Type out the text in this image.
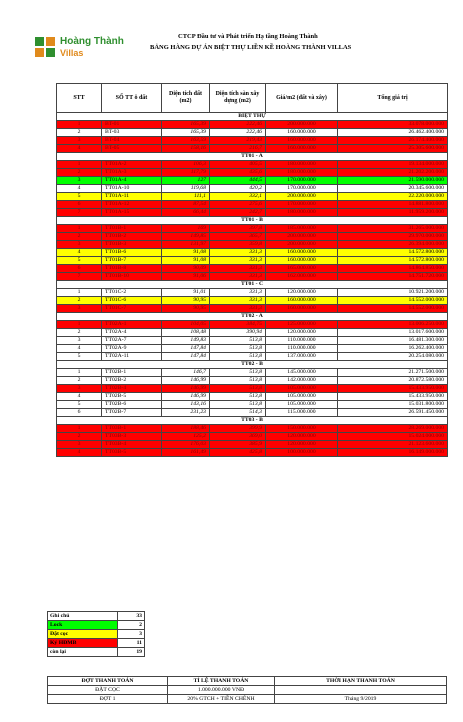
Hoàng Thành
Villas
CTCP Đầu tư và Phát triển Hạ tầng Hoàng Thành
BẢNG HÀNG DỰ ÁN BIỆT THỰ LIỀN KỀ HOÀNG THÀNH VILLAS
STT	SỐ TT ô đất	Diện tích đất (m2)	Diện tích sàn xây dựng (m2)	Giá/m2 (đất và xây)	Tổng giá trị
BIỆT THỰ					
1	BT-01	165,39	222,46	200.000.000	33.078.000.000
2	BT-03	165,39	222,46	160.000.000	26.462.400.000
3	BT-04	163,59	219,43	160.000.000	26.174.400.000
4	BT-05	158,16	216,7	160.000.000	25.305.600.000
TT01 - A					
1	TT01A-2	106,3	405,5	180.000.000	19.134.000.000
2	TT01A-3	117,79	435,6	180.000.000	21.202.200.000
3	TT01A-4	127	444,5	170.000.000	21.590.000.000
4	TT01A-10	119,68	420,2	170.000.000	20.345.600.000
5	TT01A-11	111,1	332,1	200.000.000	22.220.000.000
6	TT01A-12	87,54	275,6	170.000.000	14.881.800.000
7	TT01A-15	66,44	242,7	180.000.000	11.959.200.000
TT01 - B					
1	TT01B-1	169	397,8	185.000.000	31.265.000.000
2	TT01B-2	149,85	365,7	200.000.000	29.970.000.000
3	TT01B-3	131,97	359,8	200.000.000	26.394.000.000
4	TT01B-6	91,08	331,3	160.000.000	14.572.800.000
5	TT01B-7	91,08	331,3	160.000.000	14.572.800.000
6	TT01B-8	90,09	331,3	165.000.000	14.864.850.000
7	TT01B-10	91,06	331,3	162.000.000	14.751.720.000
TT01 - C					
1	TT01C-2	91,01	331,3	120.000.000	10.921.200.000
2	TT01C-6	90,95	331,3	160.000.000	14.552.000.000
3	TT01C-7	90,95	331,3	160.000.000	14.552.000.000
TT02 - A					
1	TT02A-1	104,05	384,75	125.000.000	13.006.250.000
2	TT02A-4	108,48	390,94	120.000.000	13.017.600.000
3	TT02A-7	149,83	513,8	110.000.000	16.481.300.000
4	TT02A-9	147,84	513,8	110.000.000	16.262.400.000
5	TT02A-11	147,84	513,8	137.000.000	20.254.080.000
TT02 - B					
1	TT02B-1	146,7	513,8	145.000.000	21.271.500.000
2	TT02B-2	146,99	513,8	142.000.000	20.872.580.000
3	TT02B-4	146,99	513,8	105.000.000	15.433.950.000
4	TT02B-5	146,99	513,8	105.000.000	15.433.950.000
5	TT02B-6	143,16	513,8	105.000.000	15.031.800.000
6	TT02B-7	231,23	514,3	115.000.000	26.591.450.000
TT03 - B					
1	TT03B-1	188,46	399,9	150.000.000	28.269.000.000
2	TT03B-3	125,2	369,0	120.000.000	15.024.000.000
3	TT03B-4	176,03	385,9	120.000.000	21.123.600.000
4	TT03B-5	161,49	425,8	100.000.000	16.149.000.000
Ghi chú	33
Lock	2
Đặt cọc	3
Ký HĐMB	11
còn lại	19
ĐỢT THANH TOÁN	TỈ LỆ THANH TOÁN	THỜI HẠN THANH TOÁN
ĐẶT CỌC	1.000.000.000 VNĐ	
ĐỢT 1	20% GTCH + TIỀN CHÊNH	Tháng 9/2019
